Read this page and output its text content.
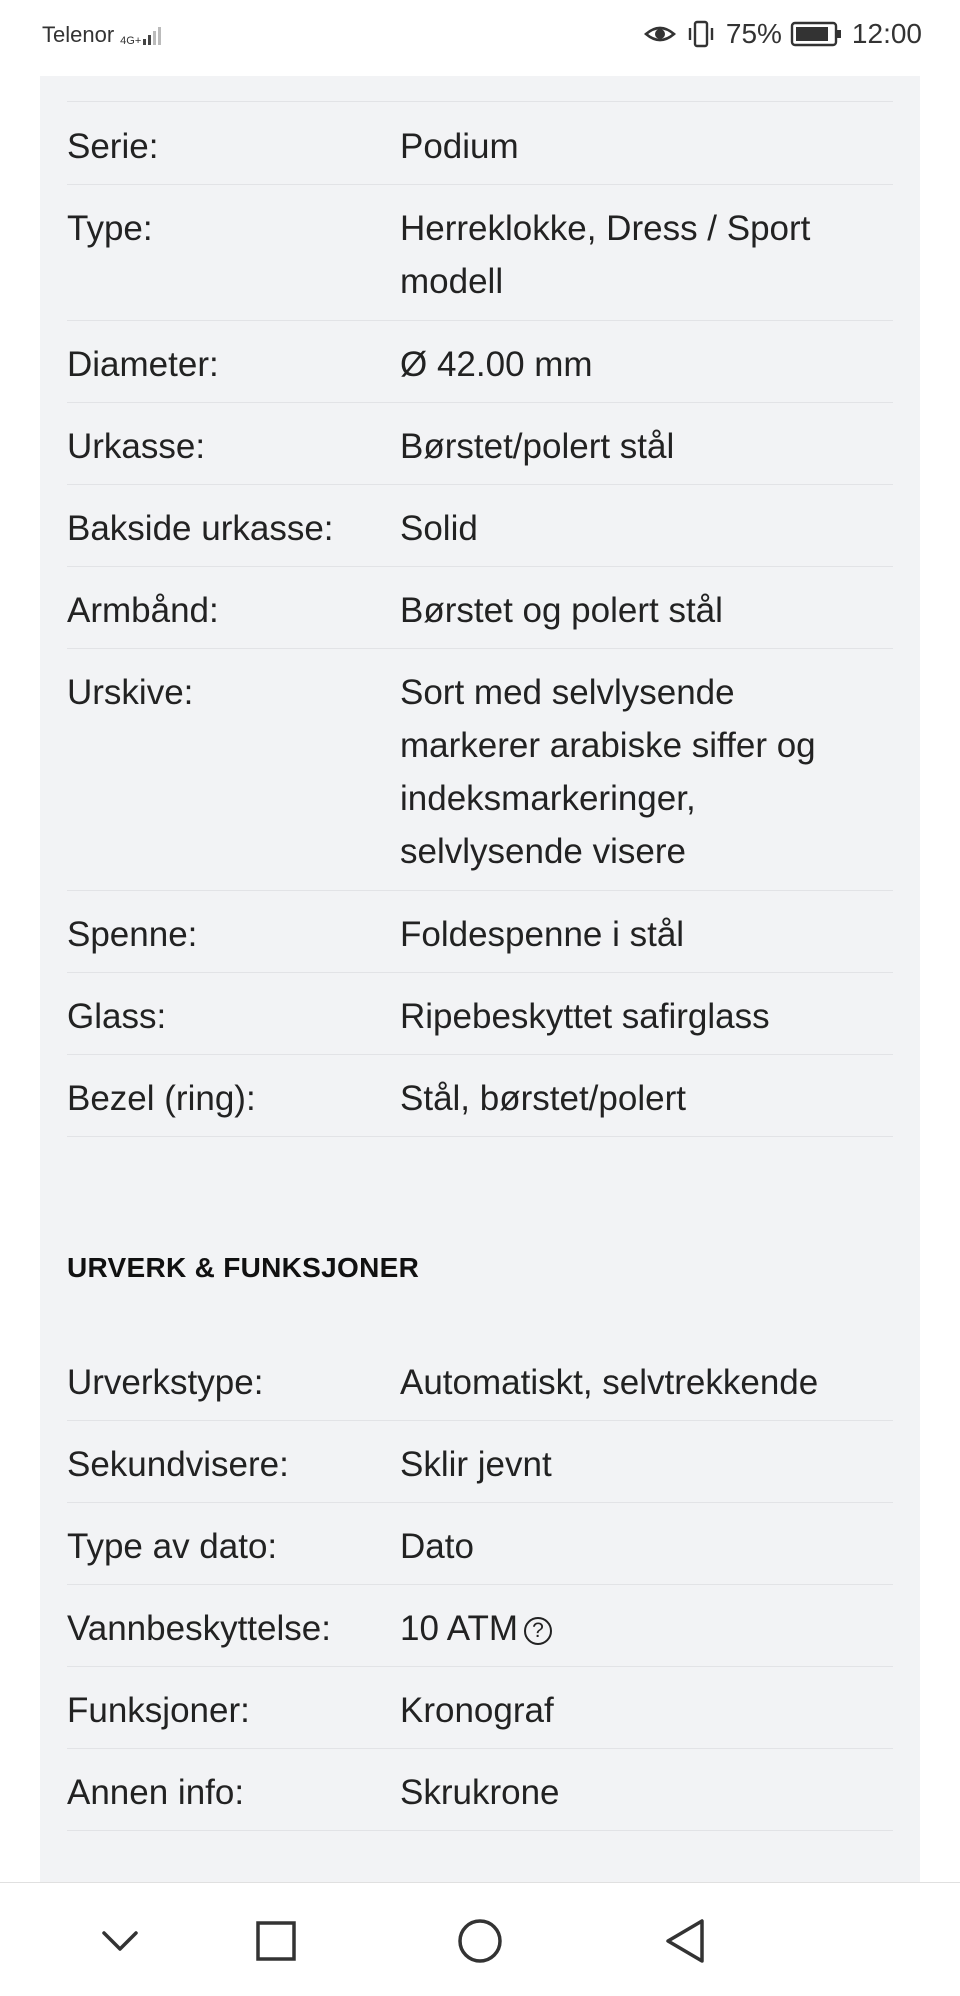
Telenor 4G+	75%	12:00
Serie:	Podium
Type:	Herreklokke, Dress / Sport modell
Diameter:	Ø 42.00 mm
Urkasse:	Børstet/polert stål
Bakside urkasse: Solid
Armbånd:	Børstet og polert stål
Urskive:	Sort med selvlysende markerer arabiske siffer og indeksmarkeringer, selvlysende visere
Spenne:	Foldespenne i stål
Glass:	Ripebeskyttet safirglass
Bezel (ring):	Stål, børstet/polert
URVERK & FUNKSJONER
Urverkstype:	Automatiskt, selvtrekkende
Sekundvisere:	Sklir jevnt
Type av dato:	Dato
Vannbeskyttelse: 10 ATM ?
Funksjoner:	Kronograf
Annen info:	Skrukrone
